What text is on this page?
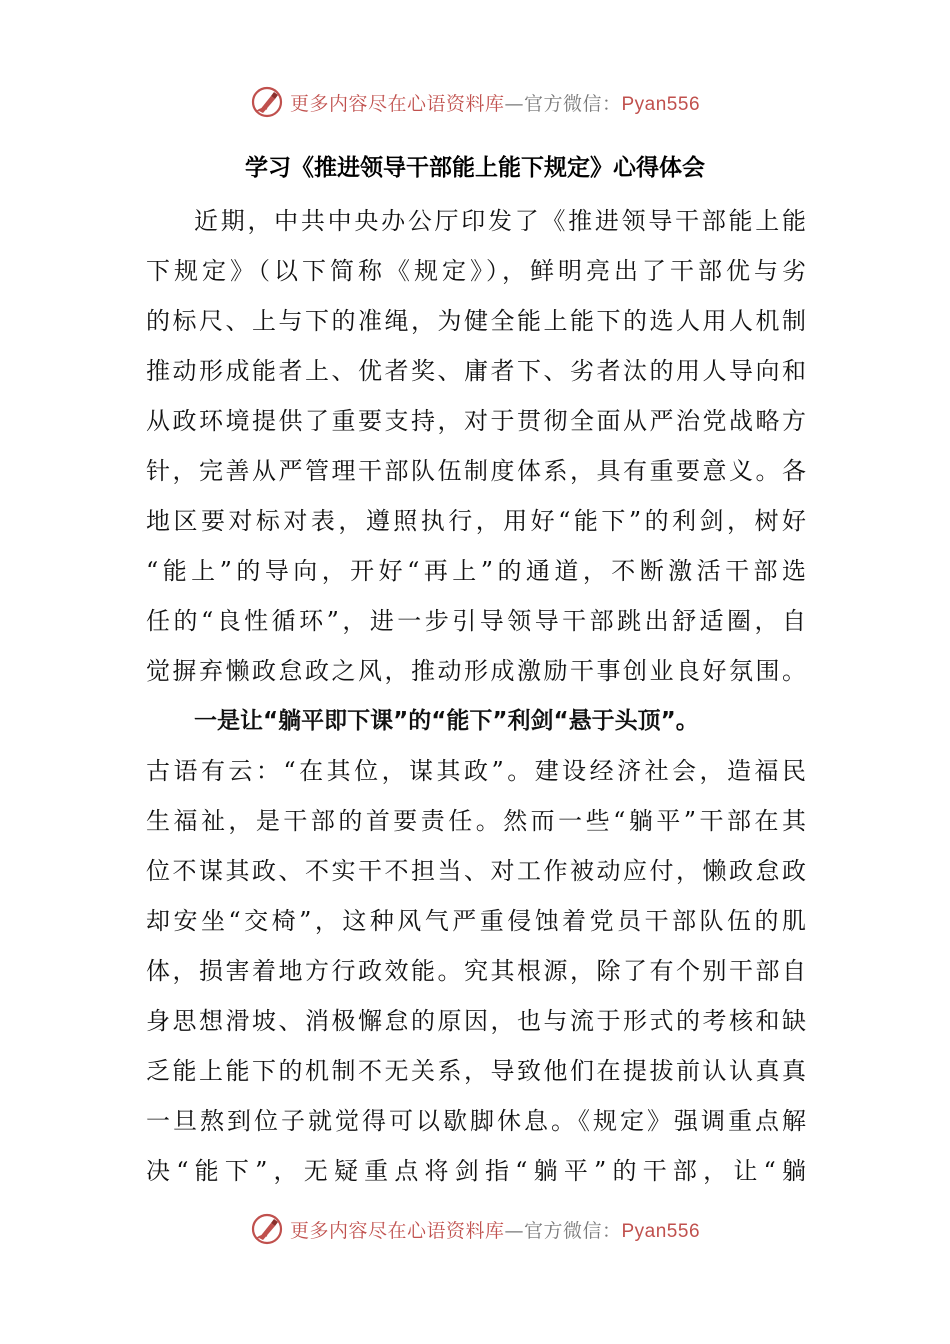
更多内容尽在心语资料库—官方微信：Pyan556
学习《推进领导干部能上能下规定》心得体会
近期，中共中央办公厅印发了《推进领导干部能上能
下规定》（以下简称《规定》），鲜明亮出了干部优与劣
的标尺、上与下的准绳，为健全能上能下的选人用人机制
推动形成能者上、优者奖、庸者下、劣者汰的用人导向和
从政环境提供了重要支持，对于贯彻全面从严治党战略方
针，完善从严管理干部队伍制度体系，具有重要意义。各
地区要对标对表，遵照执行，用好“能下”的利剑，树好
“能上”的导向，开好“再上”的通道，不断激活干部选
任的“良性循环”，进一步引导领导干部跳出舒适圈，自
觉摒弃懒政怠政之风，推动形成激励干事创业良好氛围。
一是让“躺平即下课”的“能下”利剑“悬于头顶”。
古语有云：“在其位，谋其政”。建设经济社会，造福民
生福祉，是干部的首要责任。然而一些“躺平”干部在其
位不谋其政、不实干不担当、对工作被动应付，懒政怠政
却安坐“交椅”，这种风气严重侵蚀着党员干部队伍的肌
体，损害着地方行政效能。究其根源，除了有个别干部自
身思想滑坡、消极懈怠的原因，也与流于形式的考核和缺
乏能上能下的机制不无关系，导致他们在提拔前认认真真
一旦熬到位子就觉得可以歇脚休息。《规定》强调重点解
决“能下”，无疑重点将剑指“躺平”的干部，让“躺
更多内容尽在心语资料库—官方微信：Pyan556
